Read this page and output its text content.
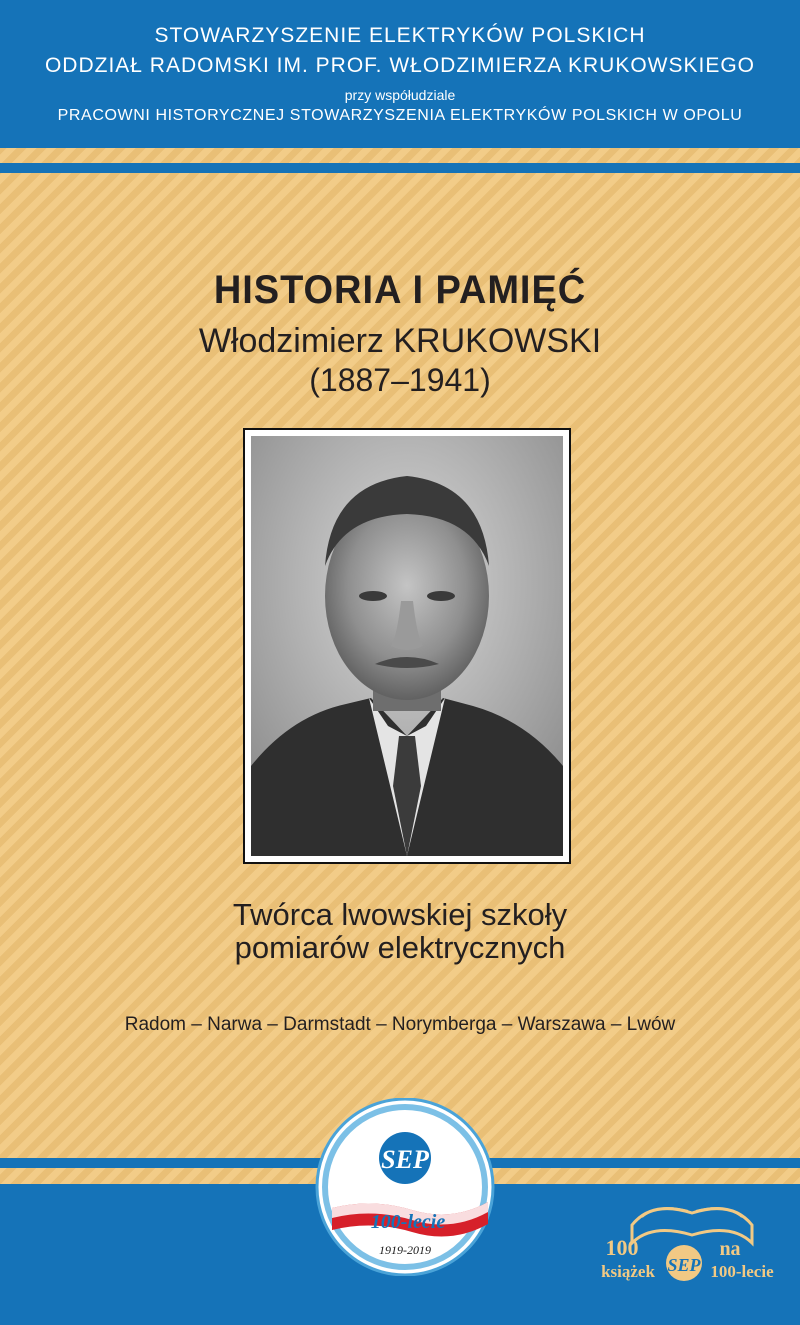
STOWARZYSZENIE ELEKTRYKÓW POLSKICH
ODDZIAŁ RADOMSKI IM. PROF. WŁODZIMIERZA KRUKOWSKIEGO
przy współudziale
PRACOWNI HISTORYCZNEJ STOWARZYSZENIA ELEKTRYKÓW POLSKICH W OPOLU
HISTORIA I PAMIĘĆ
Włodzimierz KRUKOWSKI
(1887–1941)
Twórca lwowskiej szkoły
pomiarów elektrycznych
Radom – Narwa – Darmstadt – Norymberga – Warszawa – Lwów
SEP
100-lecie
1919-2019	100
książek SEP
na
100-lecie
